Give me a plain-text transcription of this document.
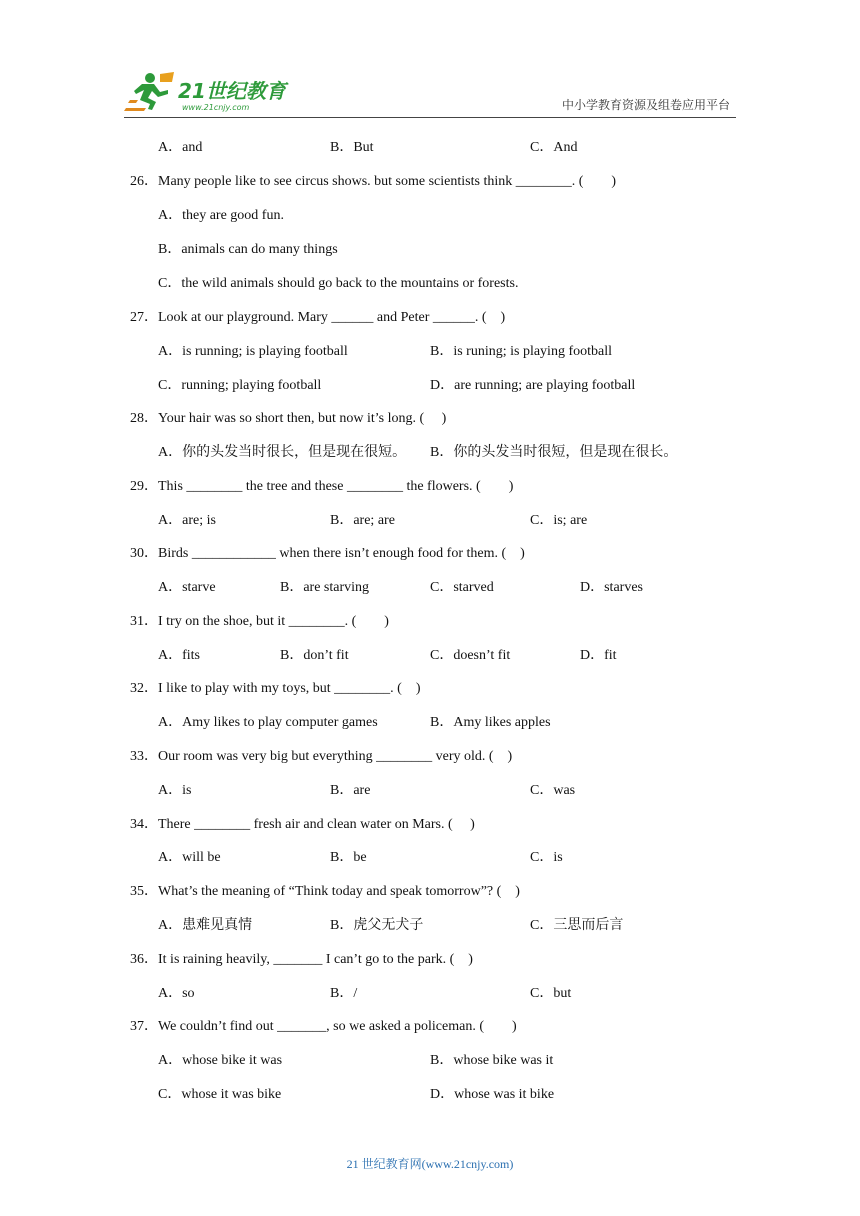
21世纪教育
www.21cnjy.com	中小学教育资源及组卷应用平台
A．and	B．But	C．And
26．Many people like to see circus shows. but some scientists think ________. (　　)
A．they are good fun.
B．animals can do many things
C．the wild animals should go back to the mountains or forests.
27．Look at our playground. Mary ______ and Peter ______. (　)
A．is running; is playing football	B．is runing; is playing football
C．running; playing football	D．are running; are playing football
28．Your hair was so short then, but now it’s long. (　 )
A．你的头发当时很长，但是现在很短。 B．你的头发当时很短，但是现在很长。
29．This ________ the tree and these ________ the flowers. (　　)
A．are; is	B．are; are	C．is; are
30．Birds ____________ when there isn’t enough food for them. (　)
A．starve	B．are starving	C．starved	D．starves
31．I try on the shoe, but it ________. (　　)
A．fits	B．don’t fit	C．doesn’t fit	D．fit
32．I like to play with my toys, but ________. (　)
A．Amy likes to play computer games	B．Amy likes apples
33．Our room was very big but everything ________ very old. (　)
A．is	B．are	C．was
34．There ________ fresh air and clean water on Mars. (　 )
A．will be	B．be	C．is
35．What’s the meaning of “Think today and speak tomorrow”? (　)
A．患难见真情	B．虎父无犬子	C．三思而后言
36．It is raining heavily, _______ I can’t go to the park. (　)
A．so	B．/	C．but
37．We couldn’t find out _______, so we asked a policeman. (　　)
A．whose bike it was	B．whose bike was it
C．whose it was bike	D．whose was it bike
21 世纪教育网(www.21cnjy.com)
